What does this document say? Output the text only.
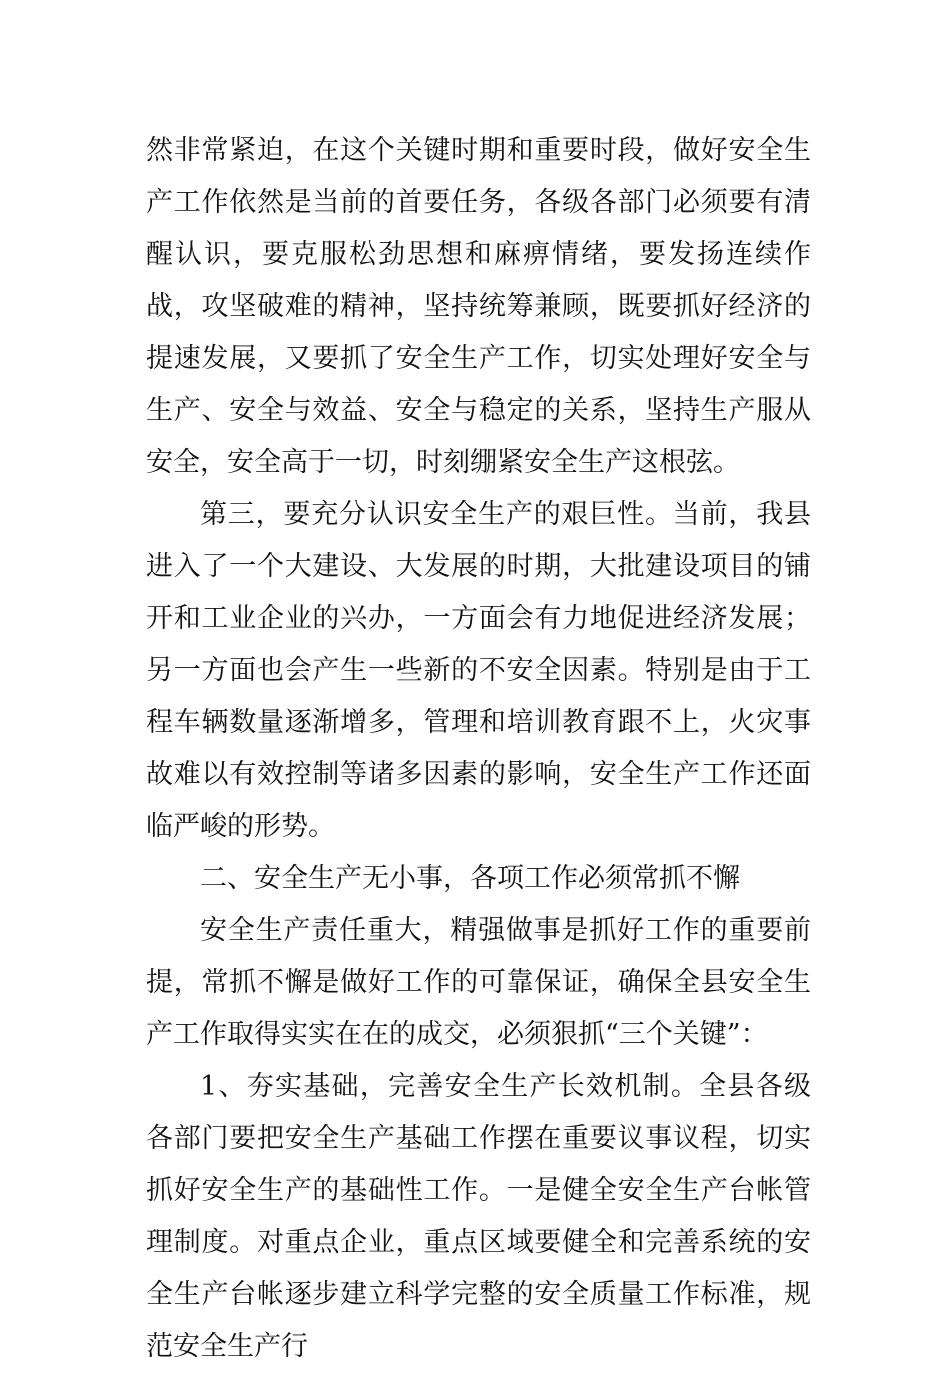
然非常紧迫，在这个关键时期和重要时段，做好安全生产工作依然是当前的首要任务，各级各部门必须要有清醒认识，要克服松劲思想和麻痹情绪，要发扬连续作战，攻坚破难的精神，坚持统筹兼顾，既要抓好经济的提速发展，又要抓了安全生产工作，切实处理好安全与生产、安全与效益、安全与稳定的关系，坚持生产服从安全，安全高于一切，时刻绷紧安全生产这根弦。

第三，要充分认识安全生产的艰巨性。当前，我县进入了一个大建设、大发展的时期，大批建设项目的铺开和工业企业的兴办，一方面会有力地促进经济发展；另一方面也会产生一些新的不安全因素。特别是由于工程车辆数量逐渐增多，管理和培训教育跟不上，火灾事故难以有效控制等诸多因素的影响，安全生产工作还面临严峻的形势。

二、安全生产无小事，各项工作必须常抓不懈

安全生产责任重大，精强做事是抓好工作的重要前提，常抓不懈是做好工作的可靠保证，确保全县安全生产工作取得实实在在的成交，必须狠抓“三个关键”：

1、夯实基础，完善安全生产长效机制。全县各级各部门要把安全生产基础工作摆在重要议事议程，切实抓好安全生产的基础性工作。一是健全安全生产台帐管理制度。对重点企业，重点区域要健全和完善系统的安全生产台帐逐步建立科学完整的安全质量工作标准，规范安全生产行
